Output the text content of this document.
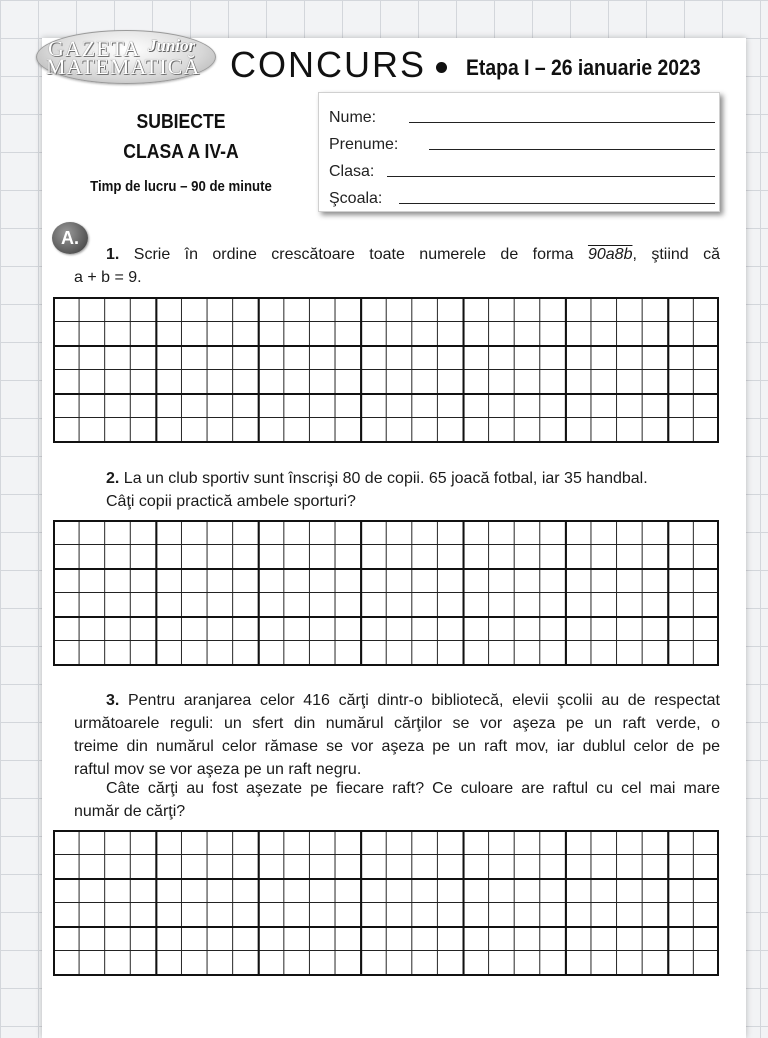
GAZETA Junior
MATEMATICĂ CONCURS Etapa I – 26 ianuarie 2023
SUBIECTE
CLASA A IV-A
Timp de lucru – 90 de minute
Nume:
Prenume:
Clasa:
Şcoala:
A.
1. Scrie în ordine crescătoare toate numerele de forma 90a8b, ştiind că
a + b = 9.
2. La un club sportiv sunt înscrişi 80 de copii. 65 joacă fotbal, iar 35 handbal.
Câţi copii practică ambele sporturi?
3. Pentru aranjarea celor 416 cărţi dintr-o bibliotecă, elevii şcolii au de respectat
următoarele reguli: un sfert din numărul cărţilor se vor aşeza pe un raft verde, o
treime din numărul celor rămase se vor aşeza pe un raft mov, iar dublul celor de pe
raftul mov se vor aşeza pe un raft negru.
Câte cărţi au fost aşezate pe fiecare raft? Ce culoare are raftul cu cel mai mare
număr de cărţi?
